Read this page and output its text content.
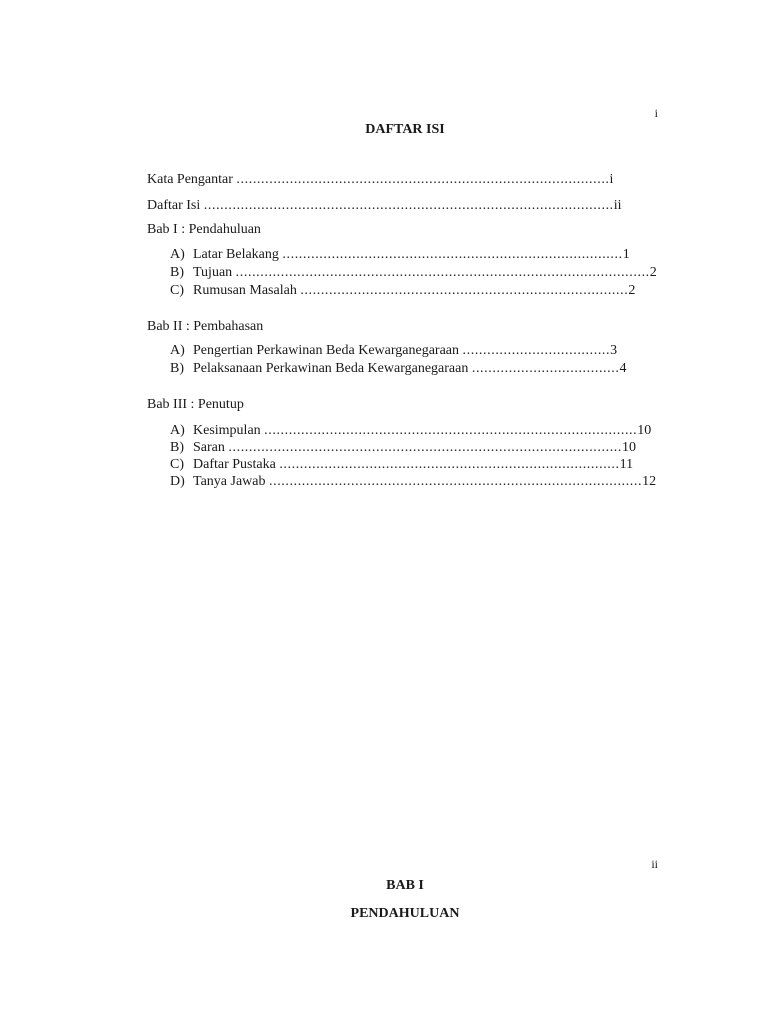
i
DAFTAR ISI
Kata Pengantar ...........................................................................................i
Daftar Isi ....................................................................................................ii
Bab I : Pendahuluan
A) Latar Belakang ...................................................................................1
B) Tujuan .....................................................................................................2
C) Rumusan Masalah ................................................................................2
Bab II : Pembahasan
A) Pengertian Perkawinan Beda Kewarganegaraan ....................................3
B) Pelaksanaan Perkawinan Beda Kewarganegaraan ....................................4
Bab III : Penutup
A) Kesimpulan ...........................................................................................10
B) Saran ................................................................................................10
C) Daftar Pustaka ...................................................................................11
D) Tanya Jawab ...........................................................................................12
ii
BAB I
PENDAHULUAN
